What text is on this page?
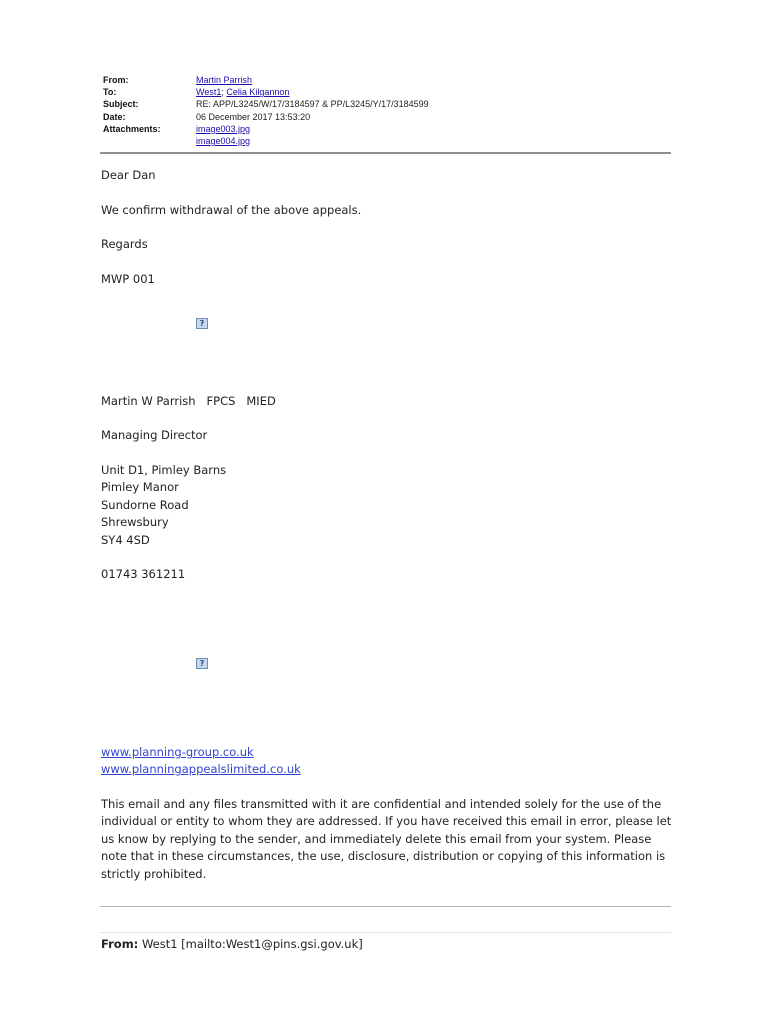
From:	Martin Parrish
To:	West1; Celia Kilgannon
Subject:	RE: APP/L3245/W/17/3184597 & PP/L3245/Y/17/3184599
Date:	06 December 2017 13:53:20
Attachments:	image003.jpg
image004.jpg
Dear Dan
We confirm withdrawal of the above appeals.
Regards
MWP 001
?
Martin W Parrish   FPCS   MIED
Managing Director
Unit D1, Pimley Barns
Pimley Manor
Sundorne Road
Shrewsbury
SY4 4SD
01743 361211
?
www.planning-group.co.uk
www.planningappealslimited.co.uk
This email and any files transmitted with it are confidential and intended solely for the use of the individual or entity to whom they are addressed. If you have received this email in error, please let us know by replying to the sender, and immediately delete this email from your system. Please note that in these circumstances, the use, disclosure, distribution or copying of this information is strictly prohibited.
From: West1 [mailto:West1@pins.gsi.gov.uk]
